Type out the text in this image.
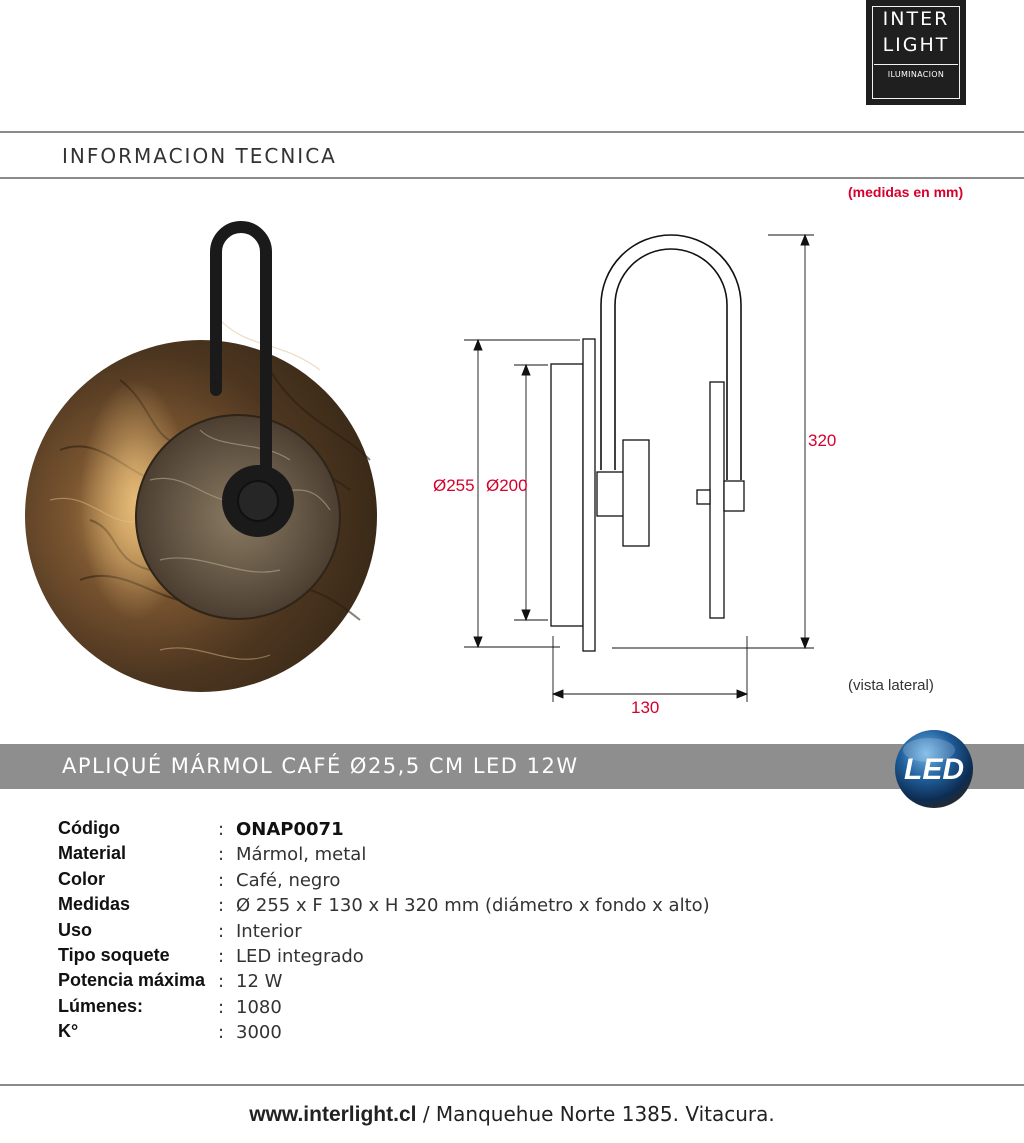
INTER
LIGHT
ILUMINACION
INFORMACION TECNICA
(medidas en mm)
Ø255 Ø200
320
130
(vista lateral)
APLIQUÉ MÁRMOL CAFÉ Ø25,5 CM LED 12W	LED
Código	: ONAP0071
Material	: Mármol, metal
Color	: Café, negro
Medidas	: Ø 255 x F 130 x H 320 mm (diámetro x fondo x alto)
Uso	: Interior
Tipo soquete	: LED integrado
Potencia máxima : 12 W
Lúmenes:	: 1080
K°	: 3000
www.interlight.cl / Manquehue Norte 1385. Vitacura.
